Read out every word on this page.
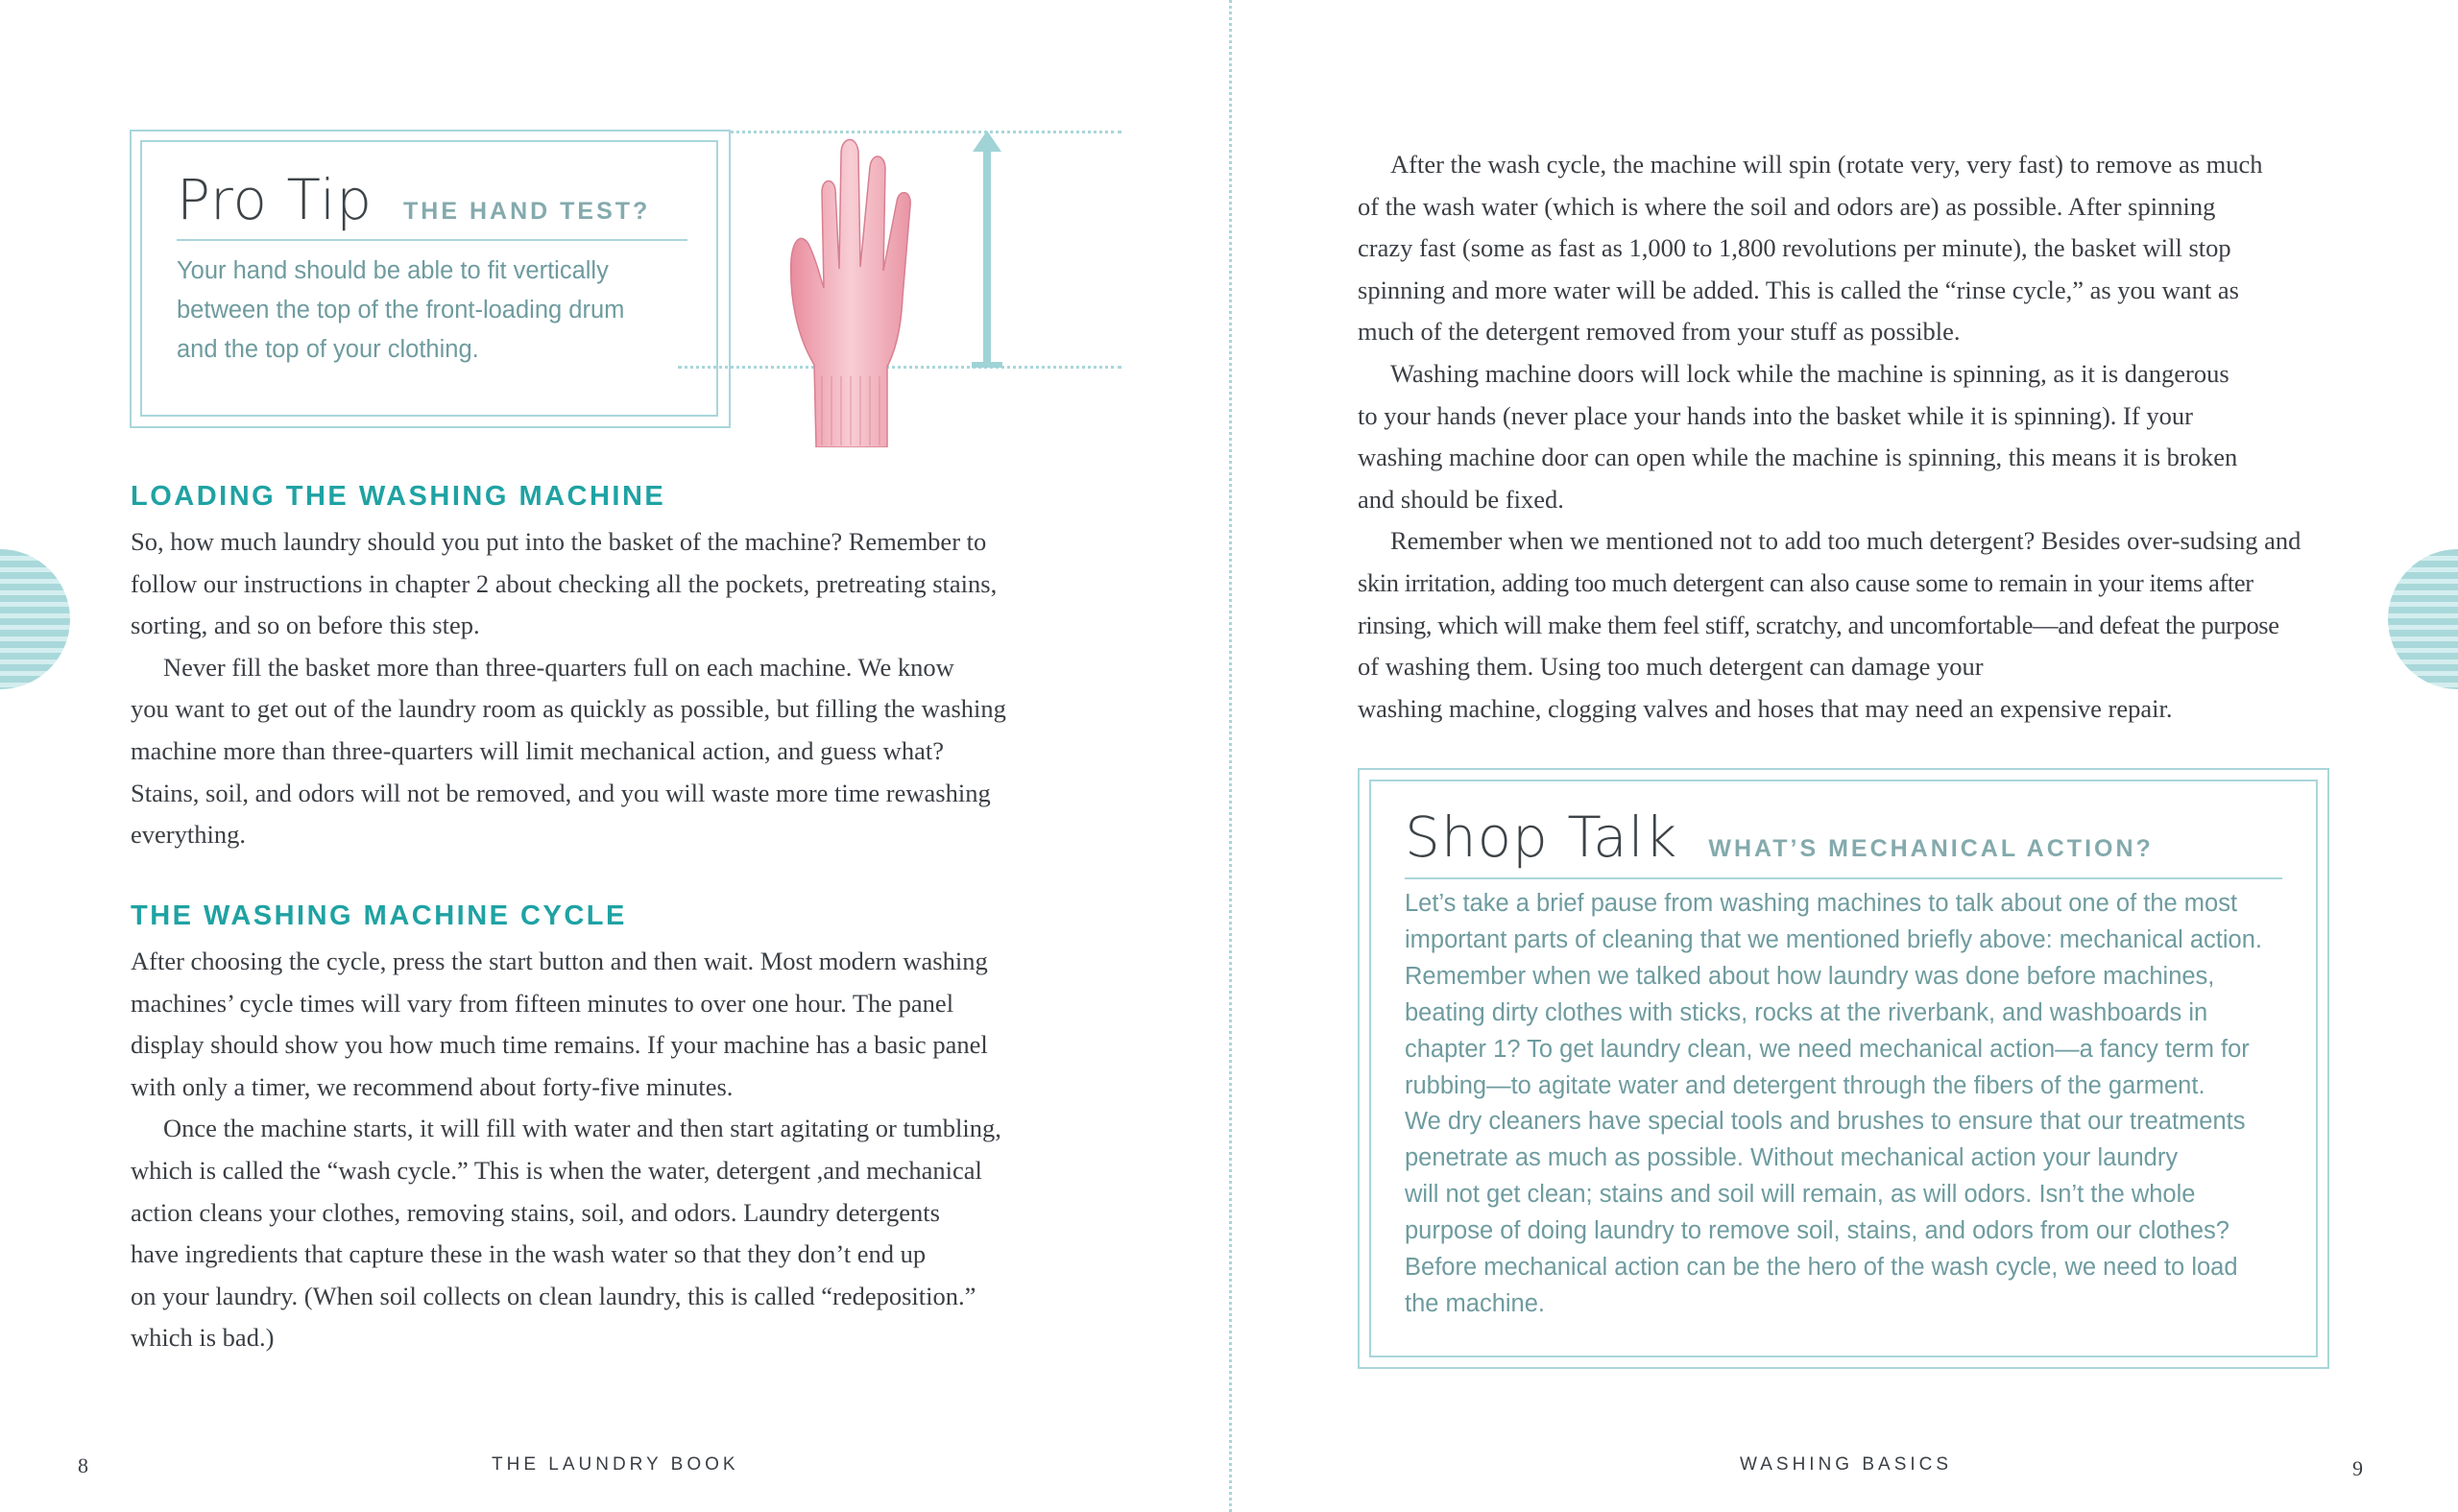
Pro Tip THE HAND TEST?
Your hand should be able to fit vertically
between the top of the front-loading drum
and the top of your clothing.
LOADING THE WASHING MACHINE
So, how much laundry should you put into the basket of the machine? Remember to
follow our instructions in chapter 2 about checking all the pockets, pretreating stains,
sorting, and so on before this step.
Never fill the basket more than three-quarters full on each machine. We know
you want to get out of the laundry room as quickly as possible, but filling the washing
machine more than three-quarters will limit mechanical action, and guess what?
Stains, soil, and odors will not be removed, and you will waste more time rewashing
everything.
THE WASHING MACHINE CYCLE
After choosing the cycle, press the start button and then wait. Most modern washing
machines’ cycle times will vary from fifteen minutes to over one hour. The panel
display should show you how much time remains. If your machine has a basic panel
with only a timer, we recommend about forty-five minutes.
Once the machine starts, it will fill with water and then start agitating or tumbling,
which is called the “wash cycle.” This is when the water, detergent ,and mechanical
action cleans your clothes, removing stains, soil, and odors. Laundry detergents
have ingredients that capture these in the wash water so that they don’t end up
on your laundry. (When soil collects on clean laundry, this is called “redeposition.”
which is bad.)
8	THE LAUNDRY BOOK
After the wash cycle, the machine will spin (rotate very, very fast) to remove as much
of the wash water (which is where the soil and odors are) as possible. After spinning
crazy fast (some as fast as 1,000 to 1,800 revolutions per minute), the basket will stop
spinning and more water will be added. This is called the “rinse cycle,” as you want as
much of the detergent removed from your stuff as possible.
Washing machine doors will lock while the machine is spinning, as it is dangerous
to your hands (never place your hands into the basket while it is spinning). If your
washing machine door can open while the machine is spinning, this means it is broken
and should be fixed.
Remember when we mentioned not to add too much detergent? Besides over-sudsing and
skin irritation, adding too much detergent can also cause some to remain in your items after
rinsing, which will make them feel stiff, scratchy, and uncomfortable—and defeat the purpose
of washing them. Using too much detergent can damage your
washing machine, clogging valves and hoses that may need an expensive repair.
Shop Talk WHAT’S MECHANICAL ACTION?
Let’s take a brief pause from washing machines to talk about one of the most
important parts of cleaning that we mentioned briefly above: mechanical action.
Remember when we talked about how laundry was done before machines,
beating dirty clothes with sticks, rocks at the riverbank, and washboards in
chapter 1? To get laundry clean, we need mechanical action—a fancy term for
rubbing—to agitate water and detergent through the fibers of the garment.
We dry cleaners have special tools and brushes to ensure that our treatments
penetrate as much as possible. Without mechanical action your laundry
will not get clean; stains and soil will remain, as will odors. Isn’t the whole
purpose of doing laundry to remove soil, stains, and odors from our clothes?
Before mechanical action can be the hero of the wash cycle, we need to load
the machine.
WASHING BASICS	9
